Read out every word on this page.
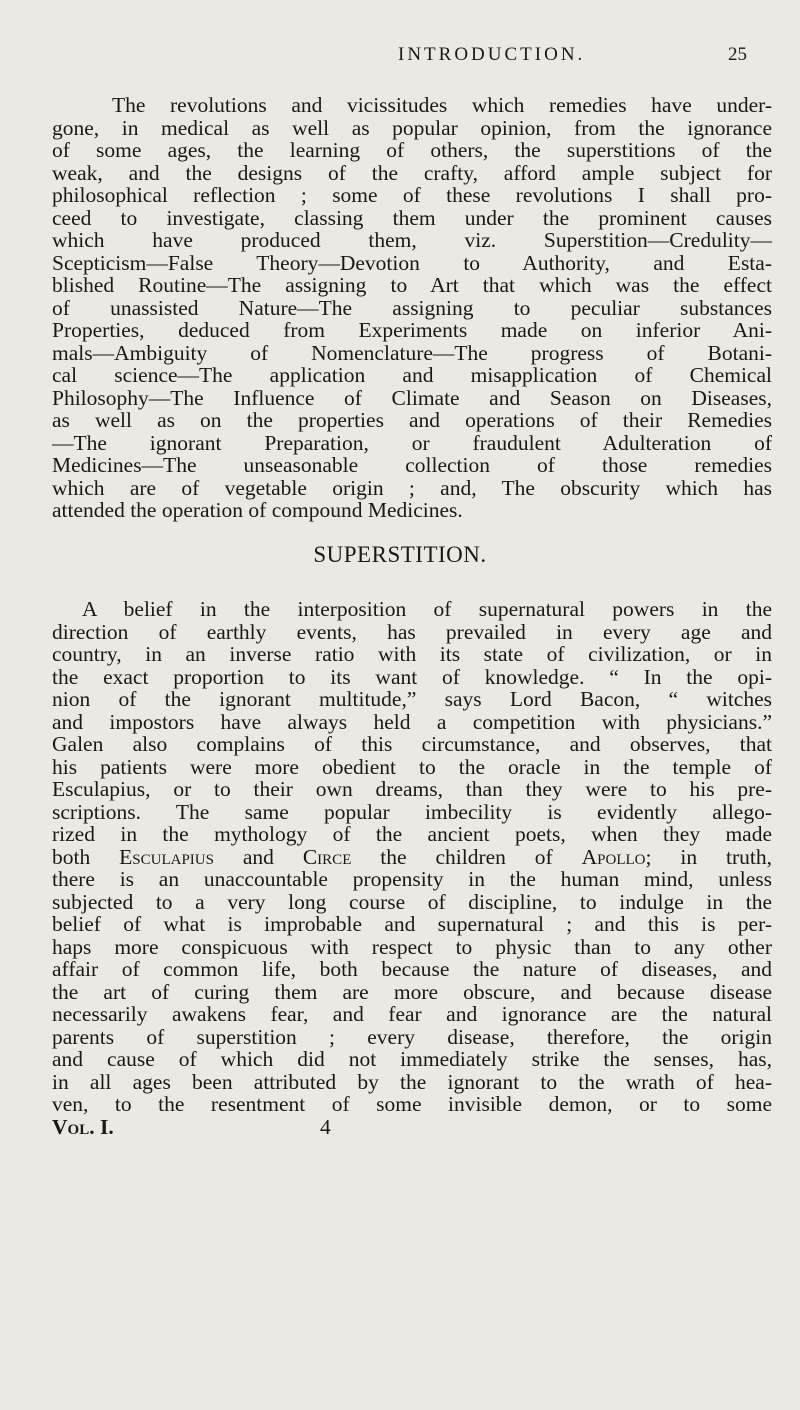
INTRODUCTION.	25
The revolutions and vicissitudes which remedies have under-
gone, in medical as well as popular opinion, from the ignorance
of some ages, the learning of others, the superstitions of the
weak, and the designs of the crafty, afford ample subject for
philosophical reflection ; some of these revolutions I shall pro-
ceed to investigate, classing them under the prominent causes
which have produced them, viz. Superstition—Credulity—
Scepticism—False Theory—Devotion to Authority, and Esta-
blished Routine—The assigning to Art that which was the effect
of unassisted Nature—The assigning to peculiar substances
Properties, deduced from Experiments made on inferior Ani-
mals—Ambiguity of Nomenclature—The progress of Botani-
cal science—The application and misapplication of Chemical
Philosophy—The Influence of Climate and Season on Diseases,
as well as on the properties and operations of their Remedies
—The ignorant Preparation, or fraudulent Adulteration of
Medicines—The unseasonable collection of those remedies
which are of vegetable origin ; and, The obscurity which has
attended the operation of compound Medicines.
SUPERSTITION.
A belief in the interposition of supernatural powers in the
direction of earthly events, has prevailed in every age and
country, in an inverse ratio with its state of civilization, or in
the exact proportion to its want of knowledge. “ In the opi-
nion of the ignorant multitude,” says Lord Bacon, “ witches
and impostors have always held a competition with physicians.”
Galen also complains of this circumstance, and observes, that
his patients were more obedient to the oracle in the temple of
Esculapius, or to their own dreams, than they were to his pre-
scriptions. The same popular imbecility is evidently allego-
rized in the mythology of the ancient poets, when they made
both Esculapius and Circe the children of Apollo; in truth,
there is an unaccountable propensity in the human mind, unless
subjected to a very long course of discipline, to indulge in the
belief of what is improbable and supernatural ; and this is per-
haps more conspicuous with respect to physic than to any other
affair of common life, both because the nature of diseases, and
the art of curing them are more obscure, and because disease
necessarily awakens fear, and fear and ignorance are the natural
parents of superstition ; every disease, therefore, the origin
and cause of which did not immediately strike the senses, has,
in all ages been attributed by the ignorant to the wrath of hea-
ven, to the resentment of some invisible demon, or to some
Vol. I.	4
